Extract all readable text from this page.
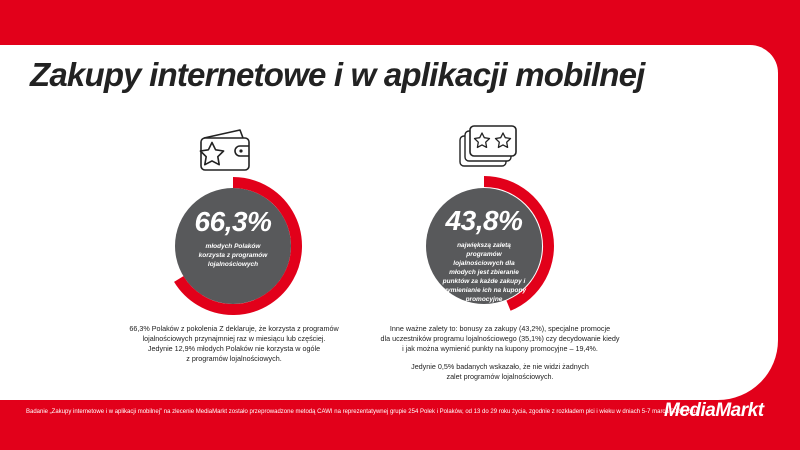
Zakupy internetowe i w aplikacji mobilnej
66,3%
młodych Polaków korzysta z programów lojalnościowych
43,8%
największą zaletą programów lojalnościowych dla młodych jest zbieranie punktów za każde zakupy i wymienianie ich na kupony promocyjne

66,3% Polaków z pokolenia Z deklaruje, że korzysta z programów

lojalnościowych przynajmniej raz w miesiącu lub częściej.

Jedynie 12,9% młodych Polaków nie korzysta w ogóle

z programów lojalnościowych.

Inne ważne zalety to: bonusy za zakupy (43,2%), specjalne promocje

dla uczestników programu lojalnościowego (35,1%) czy decydowanie kiedy

i jak można wymienić punkty na kupony promocyjne – 19,4%.

Jedynie 0,5% badanych wskazało, że nie widzi żadnych

zalet programów lojalnościowych.

Badanie „Zakupy internetowe i w aplikacji mobilnej” na zlecenie MediaMarkt zostało przeprowadzone metodą CAWI na reprezentatywnej grupie 254 Polek i Polaków, od 13 do 29 roku życia, zgodnie z rozkładem płci i wieku w dniach 5-7 marca 2024 roku.
MediaMarkt
